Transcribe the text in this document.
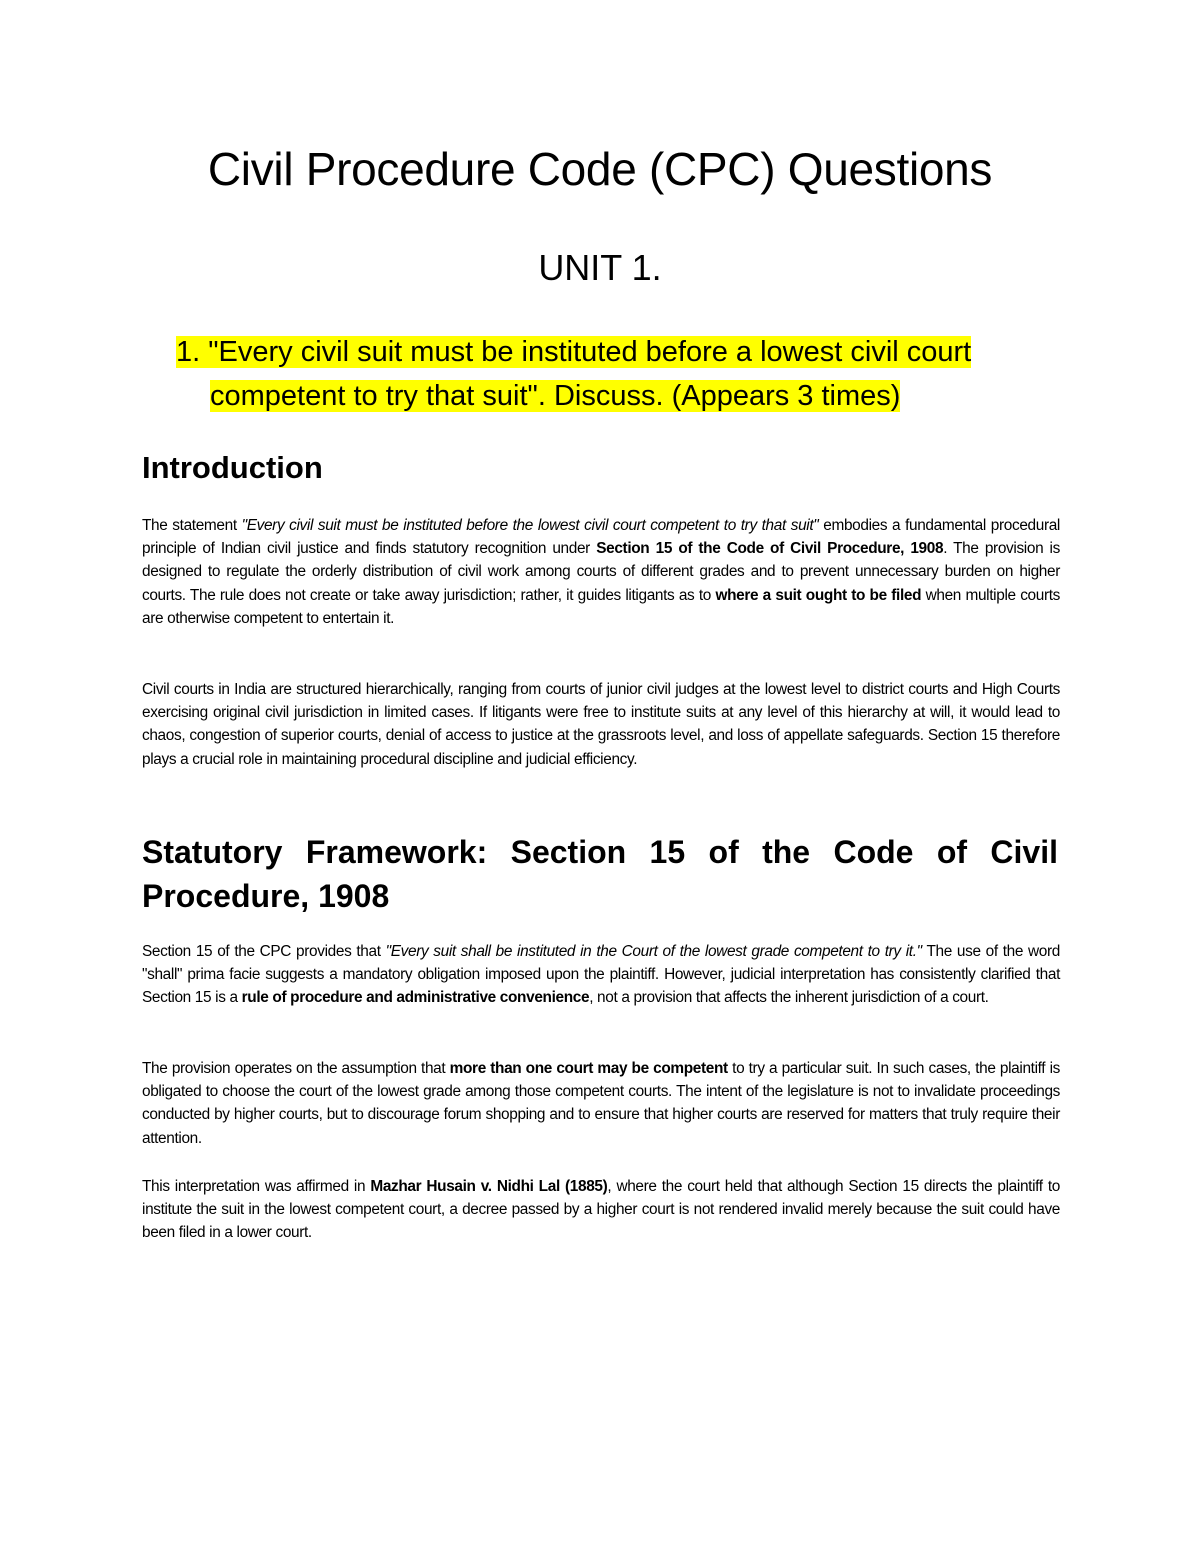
Civil Procedure Code (CPC) Questions
UNIT 1.
1. "Every civil suit must be instituted before a lowest civil court
competent to try that suit". Discuss. (Appears 3 times)
Introduction

The statement "Every civil suit must be instituted before the lowest civil court competent to try that suit" embodies a fundamental procedural principle of Indian civil justice and finds statutory recognition under Section 15 of the Code of Civil Procedure, 1908. The provision is designed to regulate the orderly distribution of civil work among courts of different grades and to prevent unnecessary burden on higher courts. The rule does not create or take away jurisdiction; rather, it guides litigants as to where a suit ought to be filed when multiple courts are otherwise competent to entertain it.

Civil courts in India are structured hierarchically, ranging from courts of junior civil judges at the lowest level to district courts and High Courts exercising original civil jurisdiction in limited cases. If litigants were free to institute suits at any level of this hierarchy at will, it would lead to chaos, congestion of superior courts, denial of access to justice at the grassroots level, and loss of appellate safeguards. Section 15 therefore plays a crucial role in maintaining procedural discipline and judicial efficiency.

Statutory Framework: Section 15 of the Code of Civil Procedure, 1908

Section 15 of the CPC provides that "Every suit shall be instituted in the Court of the lowest grade competent to try it." The use of the word "shall" prima facie suggests a mandatory obligation imposed upon the plaintiff. However, judicial interpretation has consistently clarified that Section 15 is a rule of procedure and administrative convenience, not a provision that affects the inherent jurisdiction of a court.

The provision operates on the assumption that more than one court may be competent to try a particular suit. In such cases, the plaintiff is obligated to choose the court of the lowest grade among those competent courts. The intent of the legislature is not to invalidate proceedings conducted by higher courts, but to discourage forum shopping and to ensure that higher courts are reserved for matters that truly require their attention.

This interpretation was affirmed in Mazhar Husain v. Nidhi Lal (1885), where the court held that although Section 15 directs the plaintiff to institute the suit in the lowest competent court, a decree passed by a higher court is not rendered invalid merely because the suit could have been filed in a lower court.
